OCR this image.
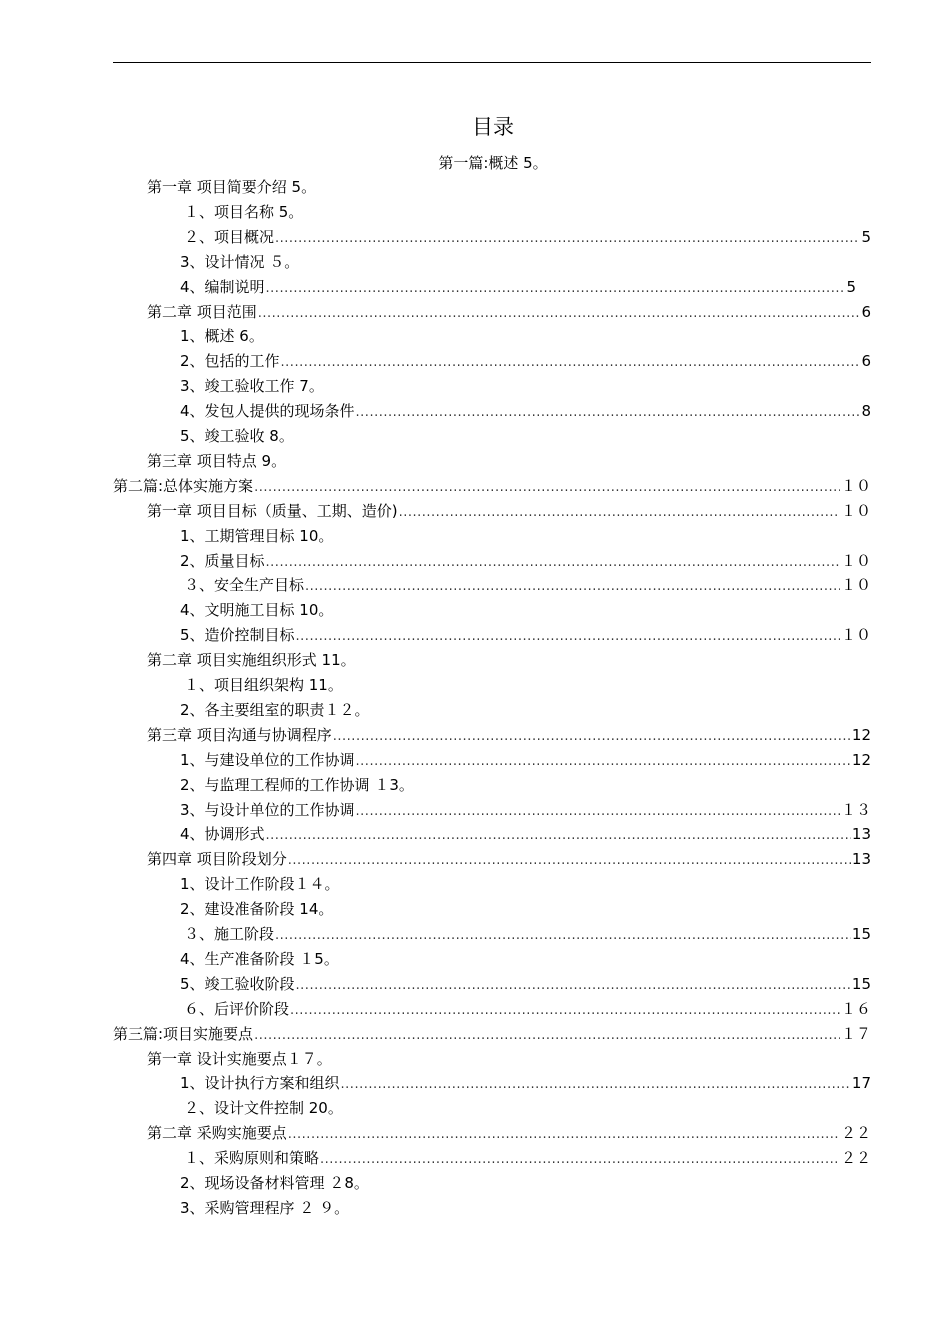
目录
第一篇:概述 5。
第一章 项目简要介绍 5。
１、项目名称 5。
２、项目概况 .....	5
3、设计情况 ５。
4、编制说明 .....	5
第二章 项目范围 .....	6
1、概述 6。
2、包括的工作 .....	6
3、竣工验收工作 7。
4、发包人提供的现场条件 .....	8
5、竣工验收 8。
第三章 项目特点 9。
第二篇:总体实施方案 .....	１０
第一章 项目目标（质量、工期、造价) .....	１０
1、工期管理目标 10。
2、质量目标 .....	１０
３、安全生产目标 .....	１０
4、文明施工目标 10。
5、造价控制目标 .....	１０
第二章 项目实施组织形式 11。
１、项目组织架构 11。
2、各主要组室的职责１２。
第三章 项目沟通与协调程序 .....	12
1、与建设单位的工作协调 .....	12
2、与监理工程师的工作协调 １3。
3、与设计单位的工作协调 .....	１３
4、协调形式 .....	13
第四章 项目阶段划分 .....	13
1、设计工作阶段１４。
2、建设准备阶段 14。
３、施工阶段 .....	15
4、生产准备阶段 １5。
5、竣工验收阶段 .....	15
６、后评价阶段 .....	１６
第三篇:项目实施要点 .....	１７
第一章 设计实施要点１７。
1、设计执行方案和组织 .....	17
２、设计文件控制 20。
第二章 采购实施要点 .....	２２
１、采购原则和策略 .....	２２
2、现场设备材料管理 ２8。
3、采购管理程序 ２ ９。
